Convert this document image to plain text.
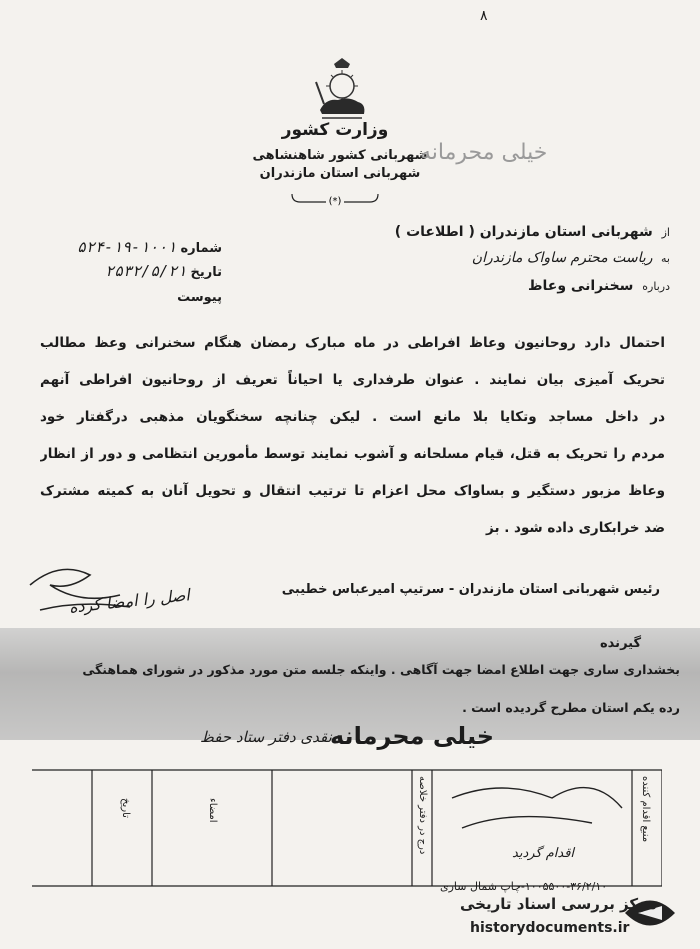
۸
وزارت کشور
شهربانی کشور شاهنشاهی
شهربانی استان مازندران
(*)
خیلی محرمانه
شماره ۱۰۰۱-۱۹-۵۲۴
تاریخ ۲۵۳۲/۵/۲۱
پیوست
از شهربانی استان مازندران ( اطلاعات )
به ریاست محترم ساواک مازندران
درباره سخنرانی وعاظ
احتمال دارد روحانیون وعاظ افراطی در ماه مبارک رمضان هنگام سخنرانی وعظ مطالب
تحریک آمیزی بیان نمایند . عنوان طرفداری یا احیاناً تعریف از روحانیون افراطی آنهم
در داخل مساجد وتکایا بلا مانع است . لیکن چنانچه سخنگویان مذهبی درگفتار خود
مردم را تحریک به قتل، قیام مسلحانه و آشوب نمایند توسط مأمورین انتظامی و دور از انظار
وعاظ مزبور دستگیر و بساواک محل اعزام تا ترتیب انتقال و تحویل آنان به کمیته مشترک
ضد خرابکاری داده شود . بز
رئیس شهربانی استان مازندران - سرتیپ امیرعباس خطیبی
اصل را امضا کرده
گیرنده
بخشداری ساری جهت اطلاع امضا جهت آگاهی . واینکه جلسه متن مورد مذکور در شورای هماهنگی
رده یکم استان مطرح گردیده است .
خیلی محرمانه
نقدی دفتر ستاد حفظ
تاریخ	امضاء	درج در دفتر خلاصه	منبع اقدام کننده
اقدام گردید
۱۰۰۵۵۰۰-۳۶/۲/۱۰-چاپ شمال ساری
مرکز بررسی اسناد تاریخی
historydocuments.ir
